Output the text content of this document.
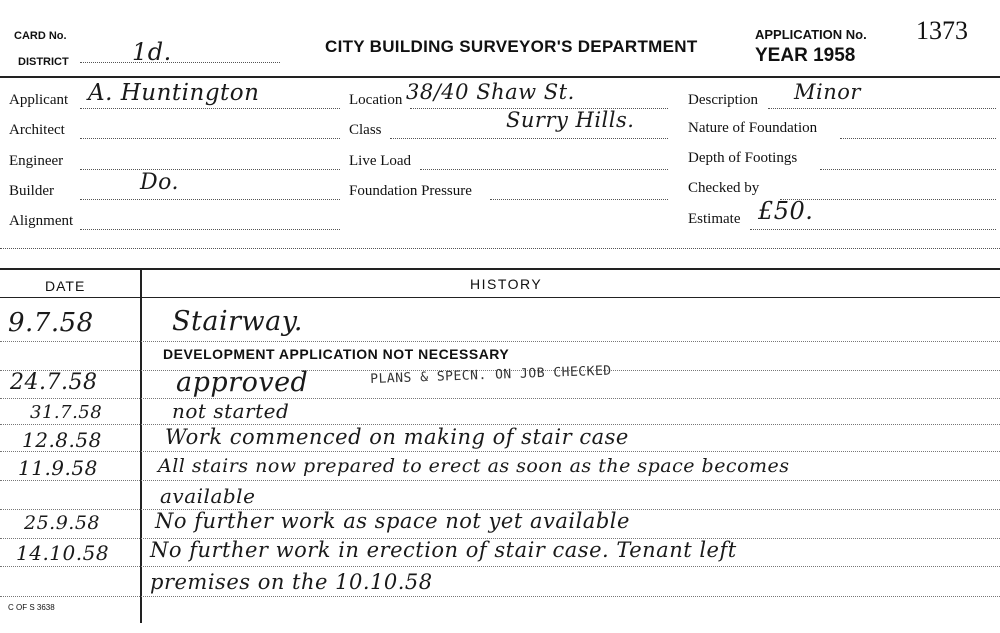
CARD No.
DISTRICT	1d.	CITY BUILDING SURVEYOR'S DEPARTMENT
APPLICATION No. 1373
YEAR 1958
Applicant A. Huntington
Architect
Engineer
Builder	Do.
Alignment
Location 38/40 Shaw St.
Class	Surry Hills.
Live Load
Foundation Pressure
Description Minor
Nature of Foundation
Depth of Footings
Checked by
Estimate £50.
DATE	HISTORY
9.7.58	Stairway.
DEVELOPMENT APPLICATION NOT NECESSARY
24.7.58	approved	PLANS & SPECN. ON JOB CHECKED
31.7.58	not started
12.8.58	Work commenced on making of stair case
11.9.58	All stairs now prepared to erect as soon as the space becomes
available
25.9.58	No further work as space not yet available
14.10.58 No further work in erection of stair case. Tenant left
premises on the 10.10.58
C OF S 3638
